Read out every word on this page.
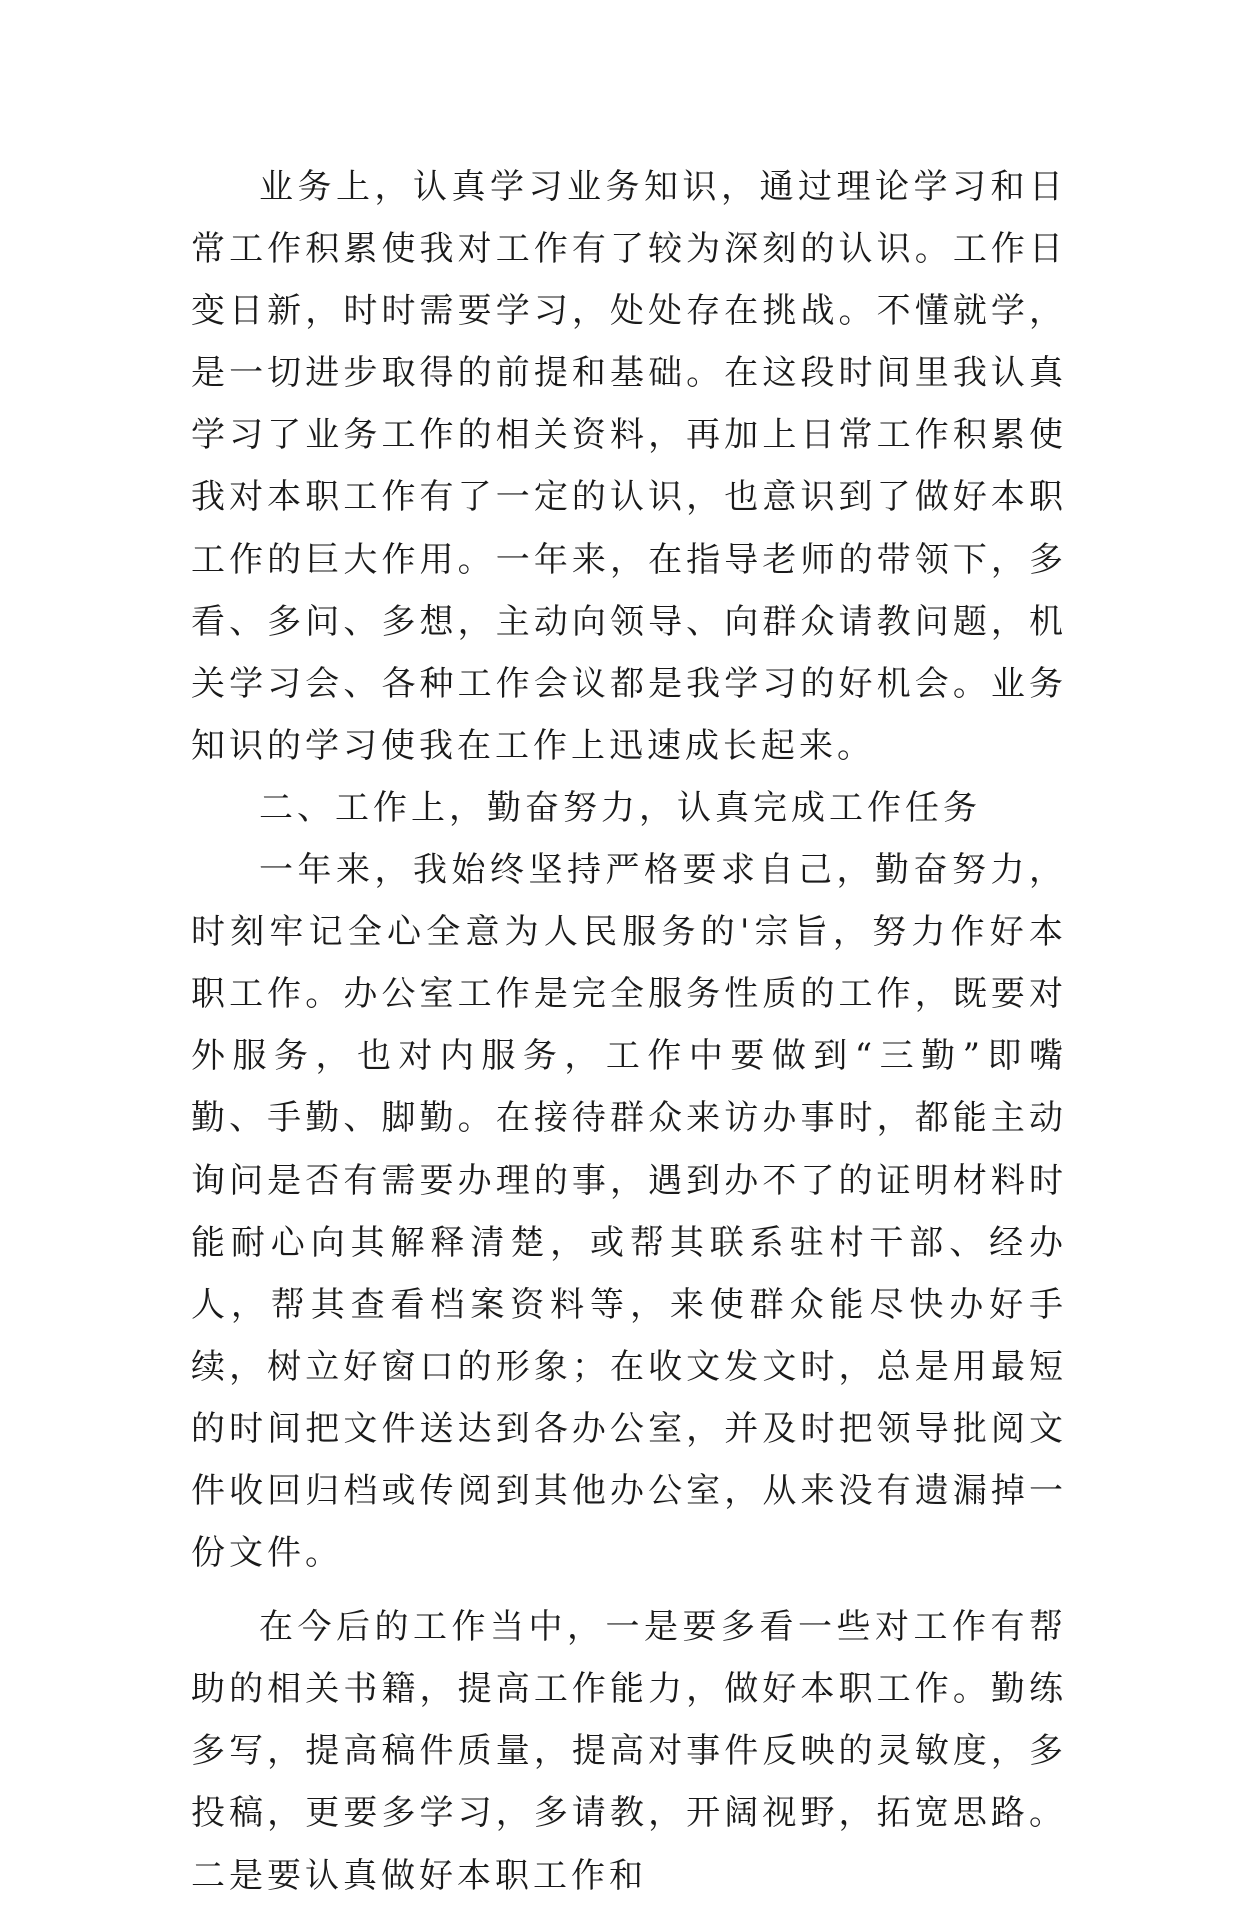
业务上，认真学习业务知识，通过理论学习和日常工作积累使我对工作有了较为深刻的认识。工作日变日新，时时需要学习，处处存在挑战。不懂就学，是一切进步取得的前提和基础。在这段时间里我认真学习了业务工作的相关资料，再加上日常工作积累使我对本职工作有了一定的认识，也意识到了做好本职工作的巨大作用。一年来，在指导老师的带领下，多看、多问、多想，主动向领导、向群众请教问题，机关学习会、各种工作会议都是我学习的好机会。业务知识的学习使我在工作上迅速成长起来。

二、工作上，勤奋努力，认真完成工作任务

一年来，我始终坚持严格要求自己，勤奋努力，时刻牢记全心全意为人民服务的'宗旨，努力作好本职工作。办公室工作是完全服务性质的工作，既要对外服务，也对内服务，工作中要做到“三勤”即嘴勤、手勤、脚勤。在接待群众来访办事时，都能主动询问是否有需要办理的事，遇到办不了的证明材料时能耐心向其解释清楚，或帮其联系驻村干部、经办人，帮其查看档案资料等，来使群众能尽快办好手续，树立好窗口的形象；在收文发文时，总是用最短的时间把文件送达到各办公室，并及时把领导批阅文件收回归档或传阅到其他办公室，从来没有遗漏掉一份文件。

在今后的工作当中，一是要多看一些对工作有帮助的相关书籍，提高工作能力，做好本职工作。勤练多写，提高稿件质量，提高对事件反映的灵敏度，多投稿，更要多学习，多请教，开阔视野，拓宽思路。二是要认真做好本职工作和
